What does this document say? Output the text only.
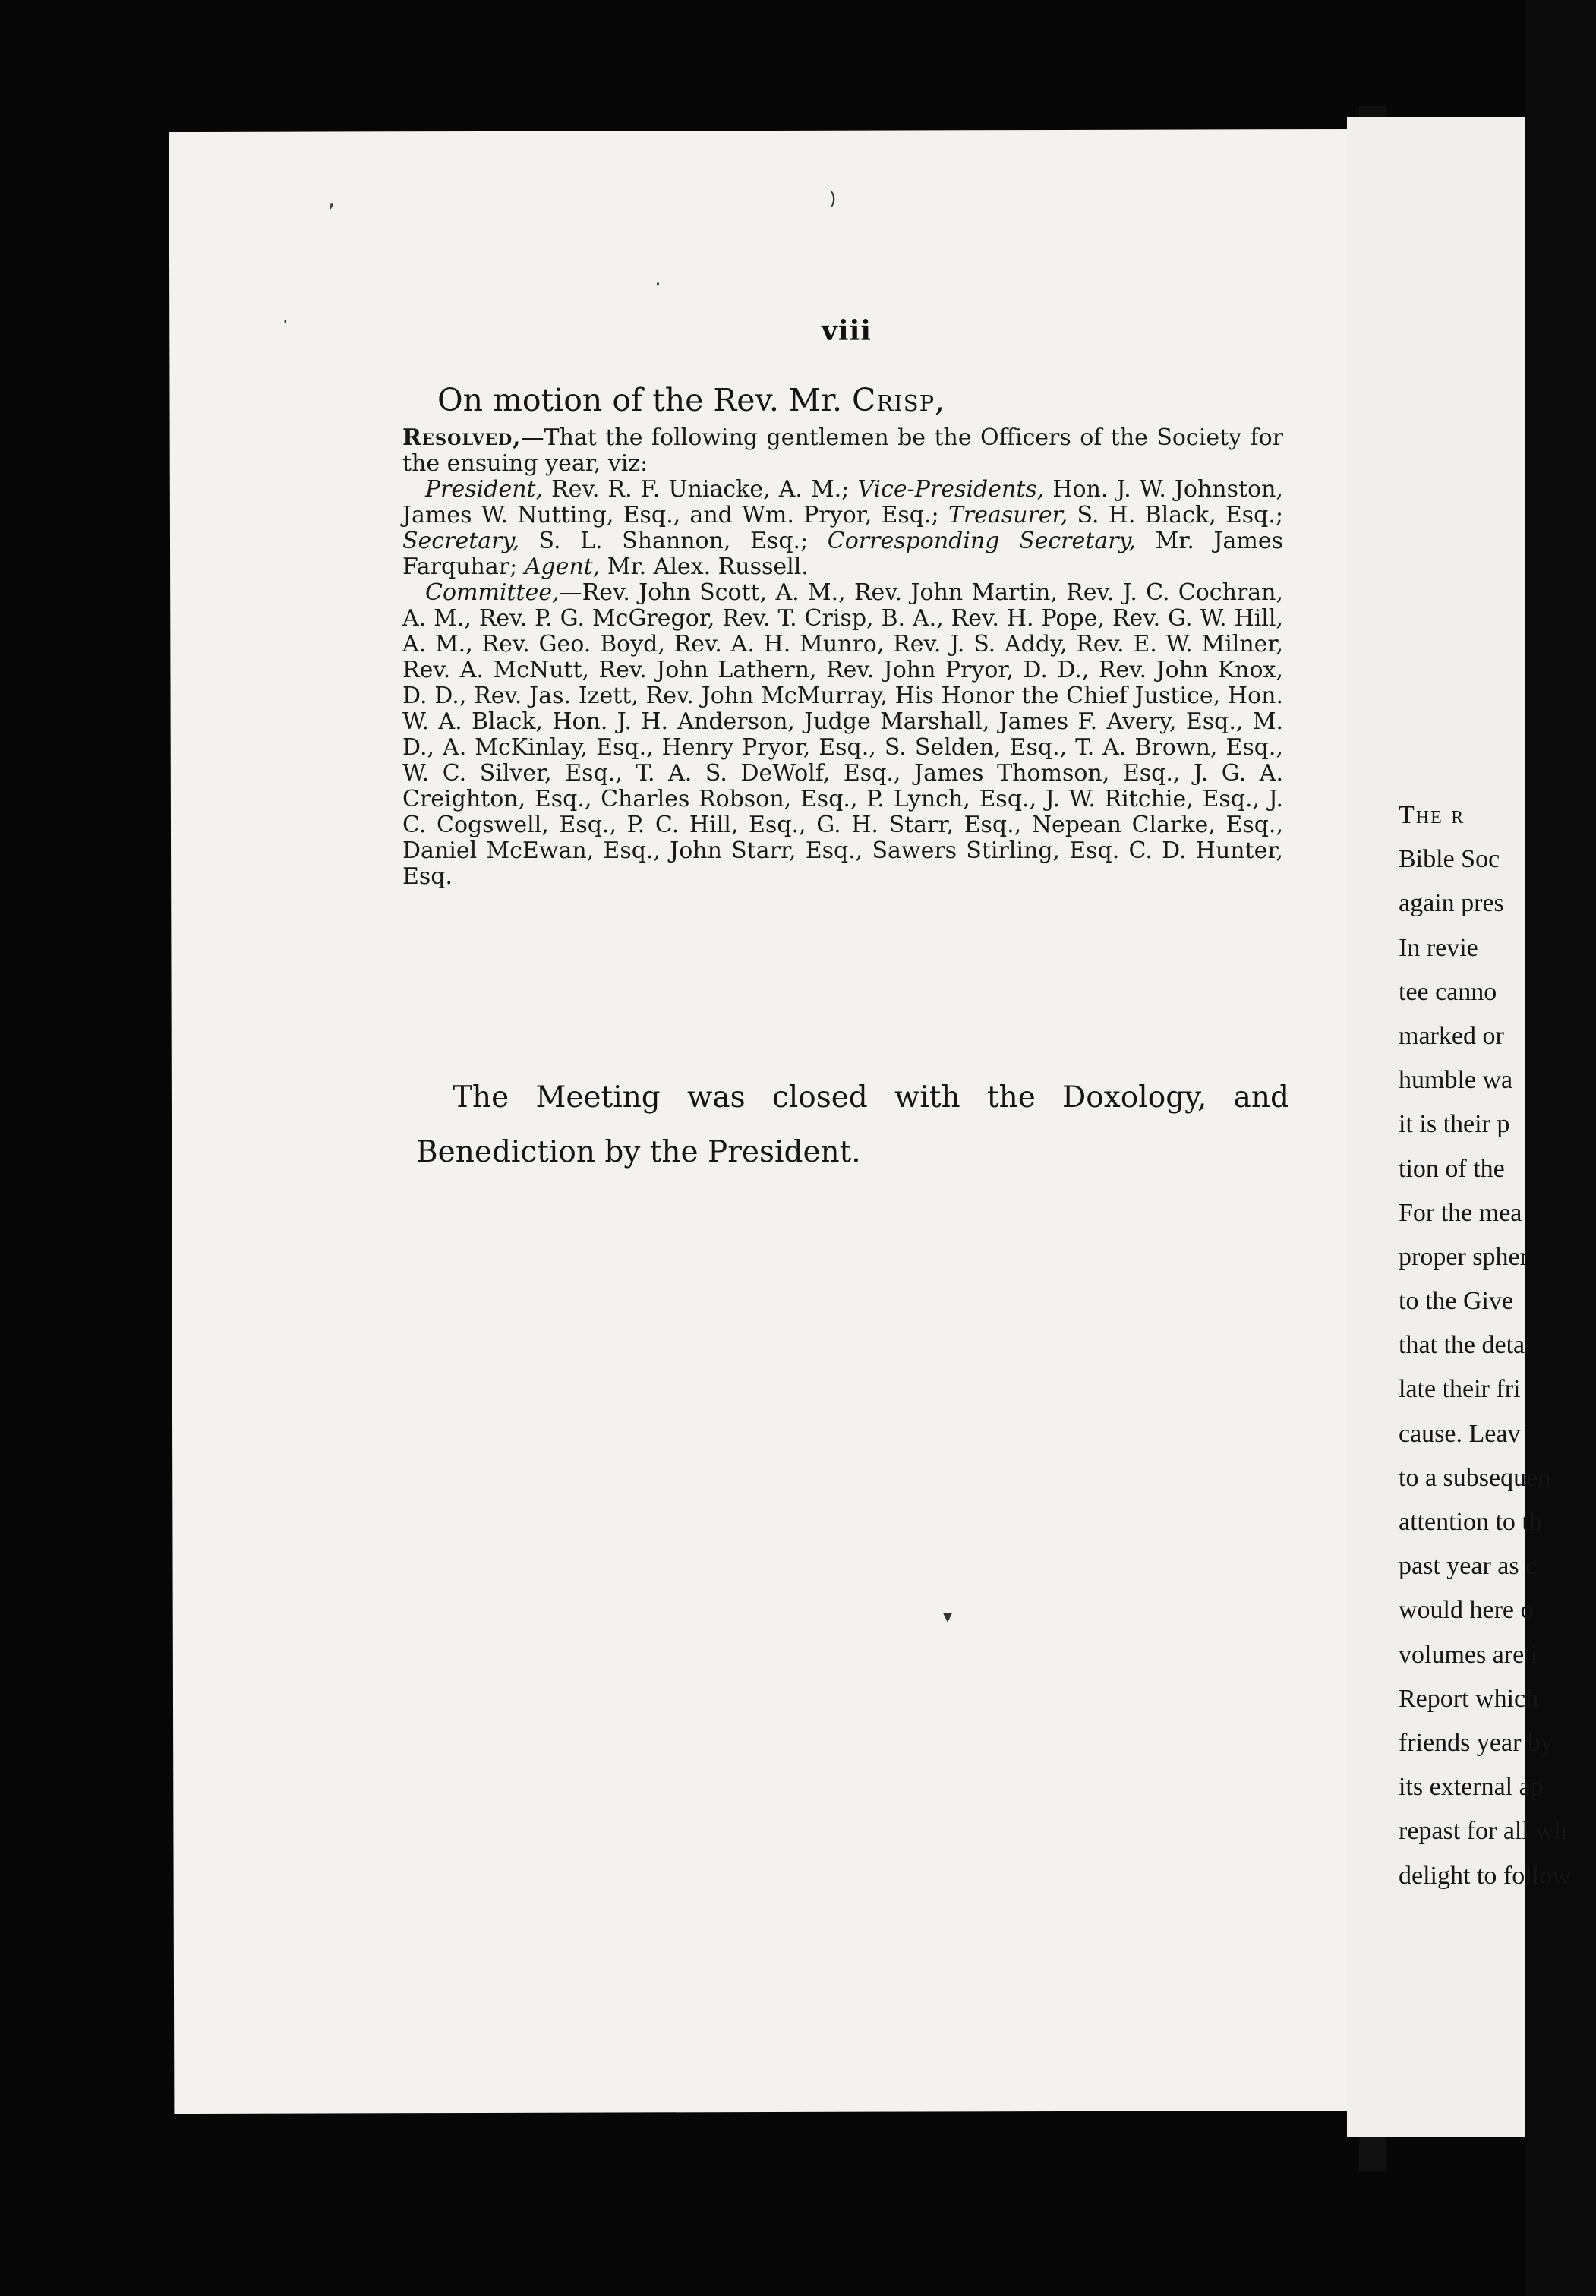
,	)
.
·
▾
viii
On motion of the Rev. Mr. Crisp,

Resolved,—That the following gentlemen be the Officers of the Society for the ensuing year, viz:

President, Rev. R. F. Uniacke, A. M.; Vice-Presidents, Hon. J. W. Johnston, James W. Nutting, Esq., and Wm. Pryor, Esq.; Treasurer, S. H. Black, Esq.; Secretary, S. L. Shannon, Esq.; Corresponding Secretary, Mr. James Farquhar; Agent, Mr. Alex. Russell.

Committee,—Rev. John Scott, A. M., Rev. John Martin, Rev. J. C. Cochran, A. M., Rev. P. G. McGregor, Rev. T. Crisp, B. A., Rev. H. Pope, Rev. G. W. Hill, A. M., Rev. Geo. Boyd, Rev. A. H. Munro, Rev. J. S. Addy, Rev. E. W. Milner, Rev. A. McNutt, Rev. John Lathern, Rev. John Pryor, D. D., Rev. John Knox, D. D., Rev. Jas. Izett, Rev. John McMurray, His Honor the Chief Justice, Hon. W. A. Black, Hon. J. H. Anderson, Judge Marshall, James F. Avery, Esq., M. D., A. McKinlay, Esq., Henry Pryor, Esq., S. Selden, Esq., T. A. Brown, Esq., W. C. Silver, Esq., T. A. S. DeWolf, Esq., James Thomson, Esq., J. G. A. Creighton, Esq., Charles Robson, Esq., P. Lynch, Esq., J. W. Ritchie, Esq., J. C. Cogswell, Esq., P. C. Hill, Esq., G. H. Starr, Esq., Nepean Clarke, Esq., Daniel McEwan, Esq., John Starr, Esq., Sawers Stirling, Esq. C. D. Hunter, Esq.

The Meeting was closed with the Doxology, and Benediction by the President.
The r
Bible Soc
again pres
In revie
tee canno
marked or
humble wa
it is their p
tion of the
For the mea
proper spher
to the Give
that the deta
late their fri
cause. Leav
to a subsequen
attention to th
past year as c
would here o
volumes are i
Report which
friends year by
its external ap
repast for all wh
delight to follow
